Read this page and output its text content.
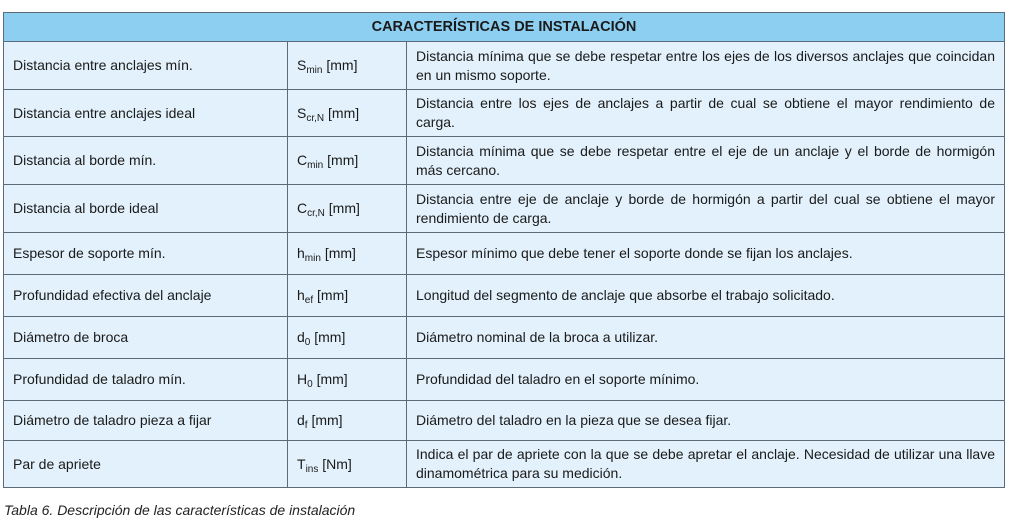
CARACTERÍSTICAS DE INSTALACIÓN		
Distancia entre anclajes mín.	$S_{min}$ [mm]	Distancia mínima que se debe respetar entre los ejes de los diversos anclajes que coincidan en un mismo soporte.
Distancia entre anclajes ideal	$S_{cr,N}$ [mm]	Distancia entre los ejes de anclajes a partir de cual se obtiene el mayor rendimiento de carga.
Distancia al borde mín.	$C_{min}$ [mm]	Distancia mínima que se debe respetar entre el eje de un anclaje y el borde de hormigón más cercano.
Distancia al borde ideal	$C_{cr,N}$ [mm]	Distancia entre eje de anclaje y borde de hormigón a partir del cual se obtiene el mayor rendimiento de carga.
Espesor de soporte mín.	$h_{min}$ [mm]	Espesor mínimo que debe tener el soporte donde se fijan los anclajes.
Profundidad efectiva del anclaje	$h_{ef}$ [mm]	Longitud del segmento de anclaje que absorbe el trabajo solicitado.
Diámetro de broca	$d_0$ [mm]	Diámetro nominal de la broca a utilizar.
Profundidad de taladro mín.	$H_0$ [mm]	Profundidad del taladro en el soporte mínimo.
Diámetro de taladro pieza a fijar	$d_f$ [mm]	Diámetro del taladro en la pieza que se desea fijar.
Par de apriete	$T_{ins}$ [Nm]	Indica el par de apriete con la que se debe apretar el anclaje. Necesidad de utilizar una llave dinamométrica para su medición.
Tabla 6. Descripción de las características de instalación
